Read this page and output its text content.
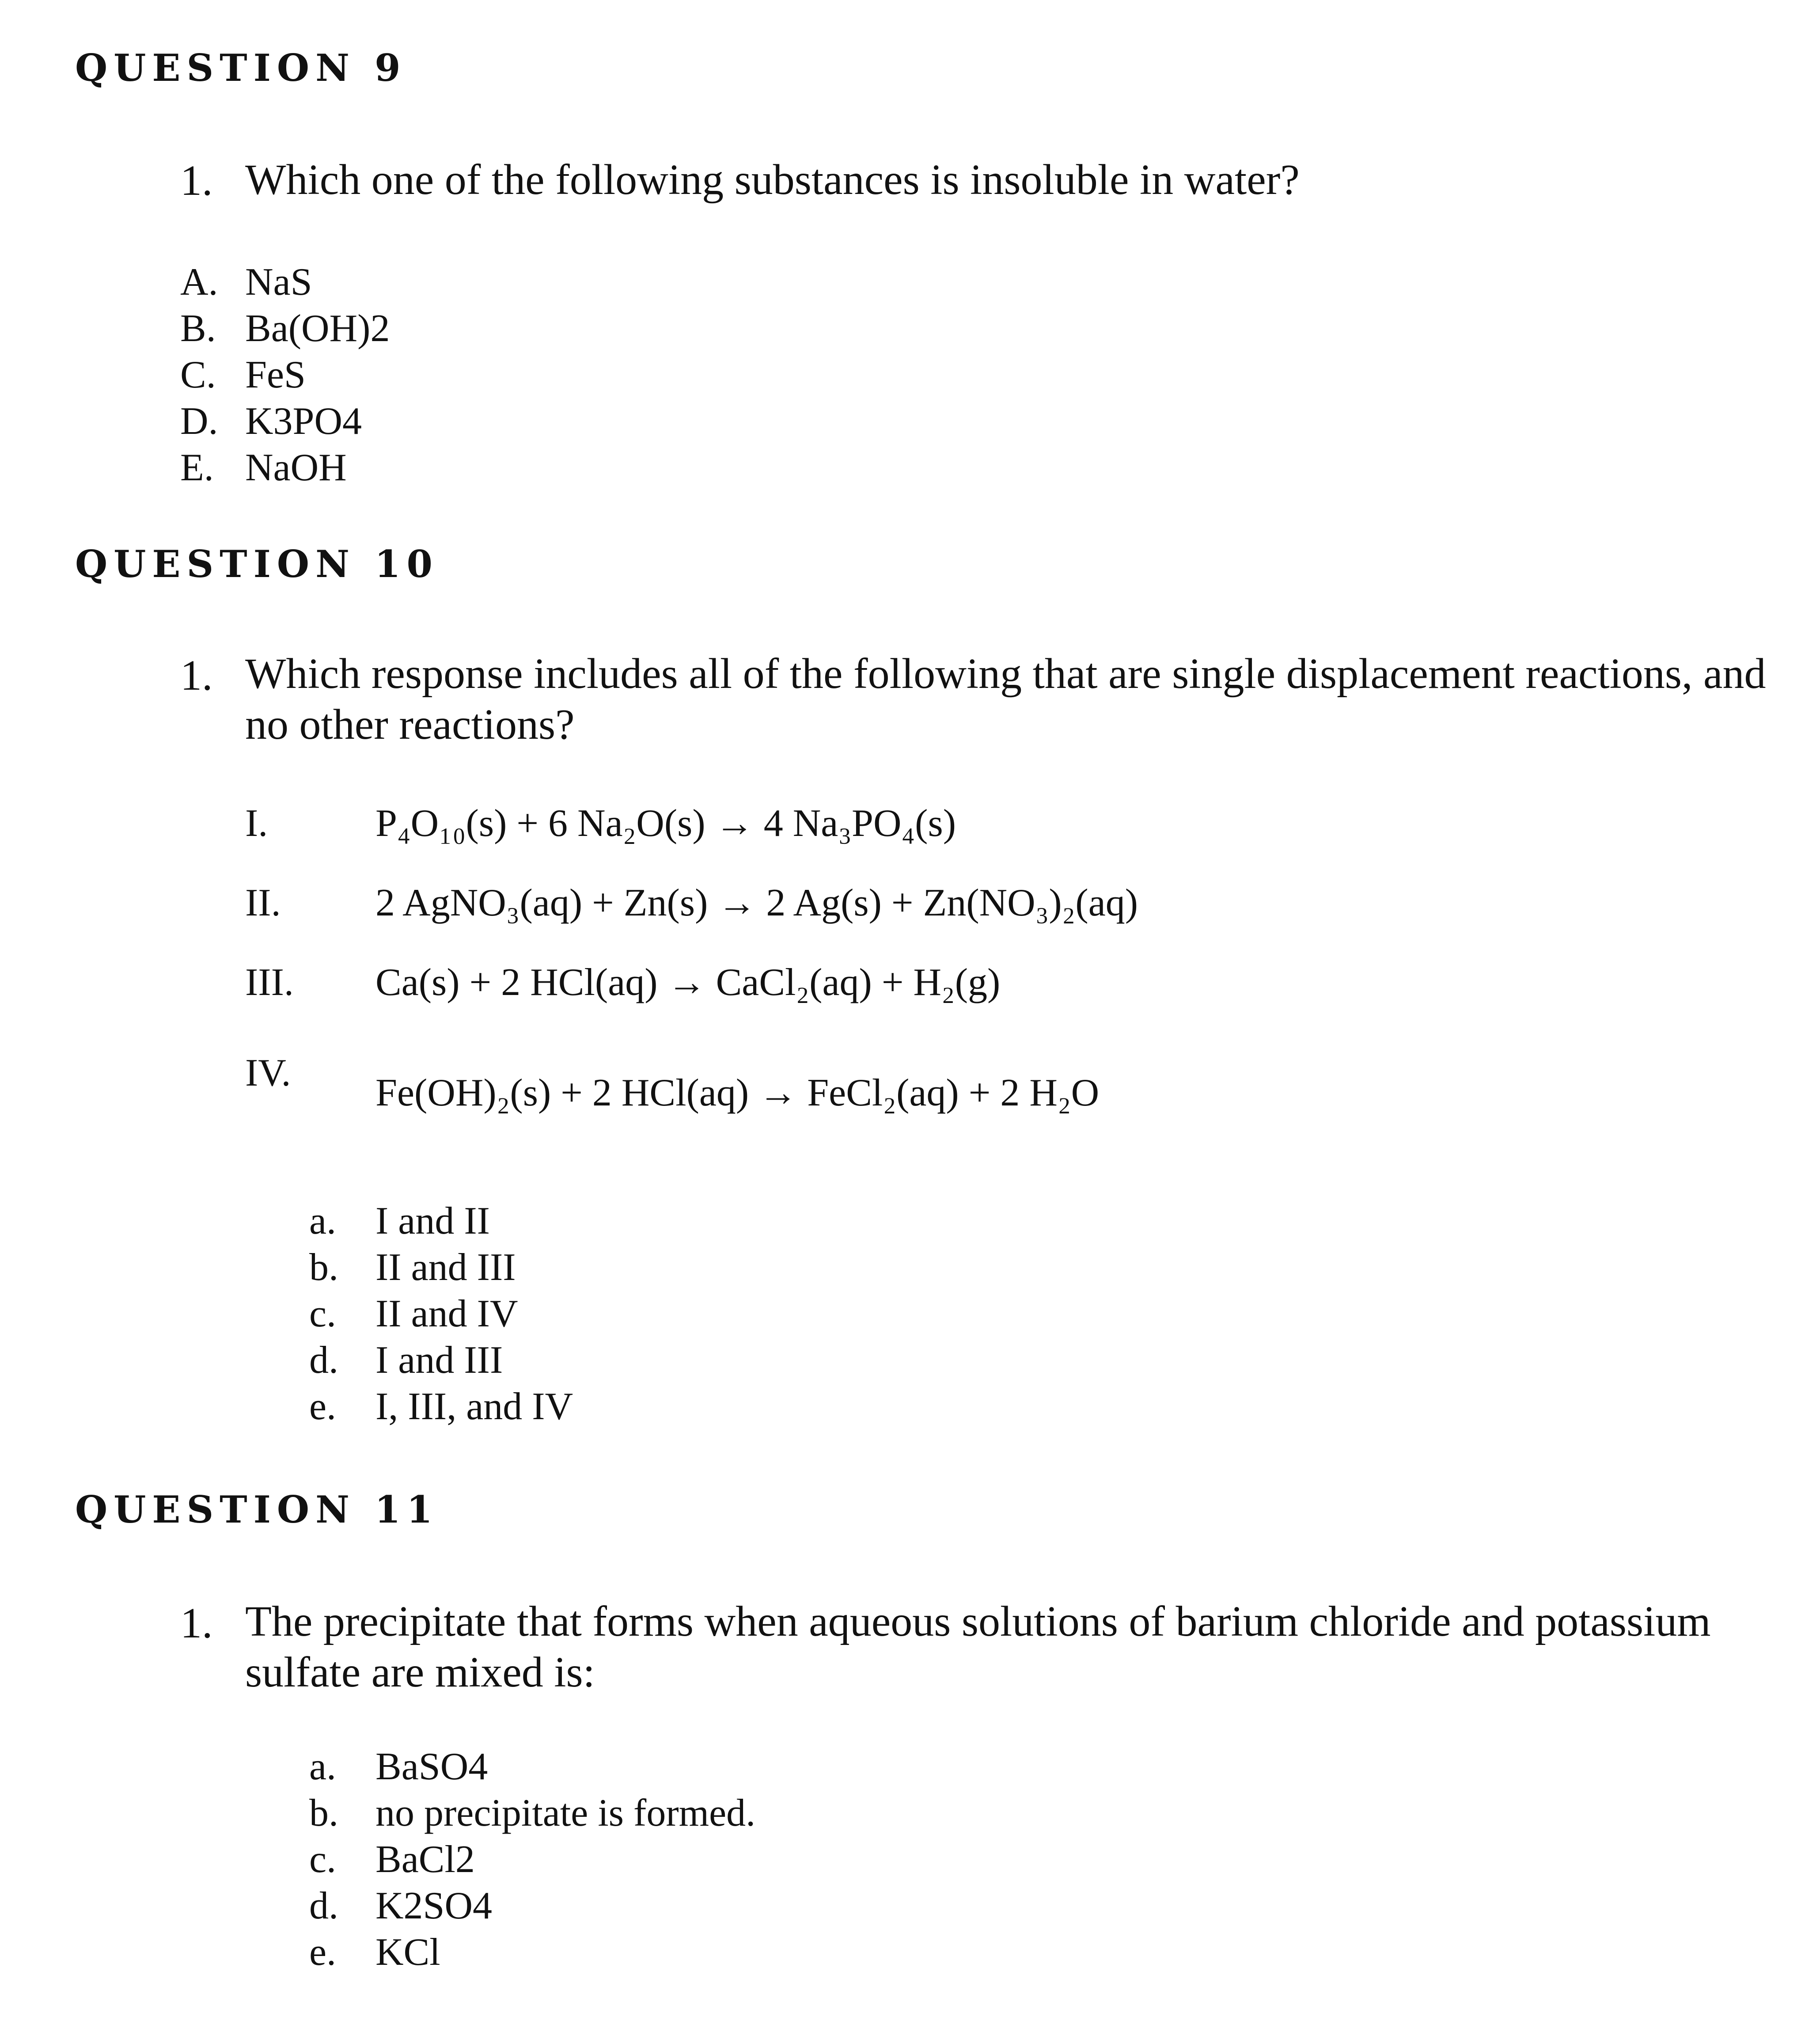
QUESTION 9
1. Which one of the following substances is insoluble in water?
A. NaS
B. Ba(OH)2
C. FeS
D. K3PO4
E. NaOH
QUESTION 10
1. Which response includes all of the following that are single displacement reactions, and
no other reactions?
I.	P₄O₁₀(s) + 6 Na₂O(s) → 4 Na₃PO₄(s)
II. 2 AgNO₃(aq) + Zn(s) → 2 Ag(s) + Zn(NO₃)₂(aq)
III. Ca(s) + 2 HCl(aq) → CaCl₂(aq) + H₂(g)
IV. Fe(OH)₂(s) + 2 HCl(aq) → FeCl₂(aq) + 2 H₂O
a. I and II
b. II and III
c. II and IV
d. I and III
e. I, III, and IV
QUESTION 11
1. The precipitate that forms when aqueous solutions of barium chloride and potassium
sulfate are mixed is:
a. BaSO4
b. no precipitate is formed.
c. BaCl2
d. K2SO4
e. KCl
